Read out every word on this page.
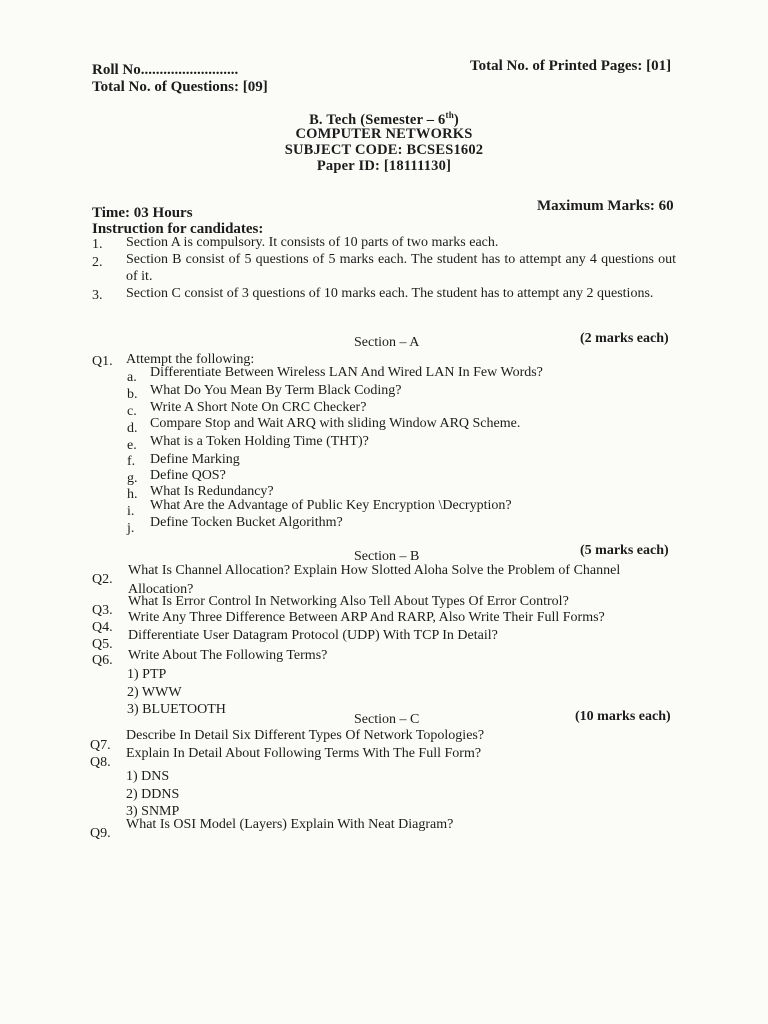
Roll No..........................	Total No. of Printed Pages: [01]
Total No. of Questions: [09]
B. Tech (Semester – 6th)
COMPUTER NETWORKS
SUBJECT CODE: BCSES1602
Paper ID: [18111130]
Time: 03 Hours	Maximum Marks: 60
Instruction for candidates:
1. Section A is compulsory. It consists of 10 parts of two marks each.
2. Section B consist of 5 questions of 5 marks each. The student has to attempt any 4 questions out of it.
3. Section C consist of 3 questions of 10 marks each. The student has to attempt any 2 questions.
Section – A	(2 marks each)
Q1. Attempt the following:
a. Differentiate Between Wireless LAN And Wired LAN In Few Words?
b. What Do You Mean By Term Black Coding?
c. Write A Short Note On CRC Checker?
d. Compare Stop and Wait ARQ with sliding Window ARQ Scheme.
e. What is a Token Holding Time (THT)?
f. Define Marking
g. Define QOS?
h. What Is Redundancy?
i. What Are the Advantage of Public Key Encryption \Decryption?
j. Define Tocken Bucket Algorithm?
Section – B	(5 marks each)
Q2.
What Is Channel Allocation? Explain How Slotted Aloha Solve the Problem of Channel
Allocation?
Q3.
What Is Error Control In Networking Also Tell About Types Of Error Control?
Q4.
Write Any Three Difference Between ARP And RARP, Also Write Their Full Forms?
Q5.
Differentiate User Datagram Protocol (UDP) With TCP In Detail?
Q6. Write About The Following Terms?
1) PTP
2) WWW
3) BLUETOOTH
Section – C	(10 marks each)
Q7.
Describe In Detail Six Different Types Of Network Topologies?
Q8.
Explain In Detail About Following Terms With The Full Form?
1) DNS
2) DDNS
3) SNMP
Q9.
What Is OSI Model (Layers) Explain With Neat Diagram?
